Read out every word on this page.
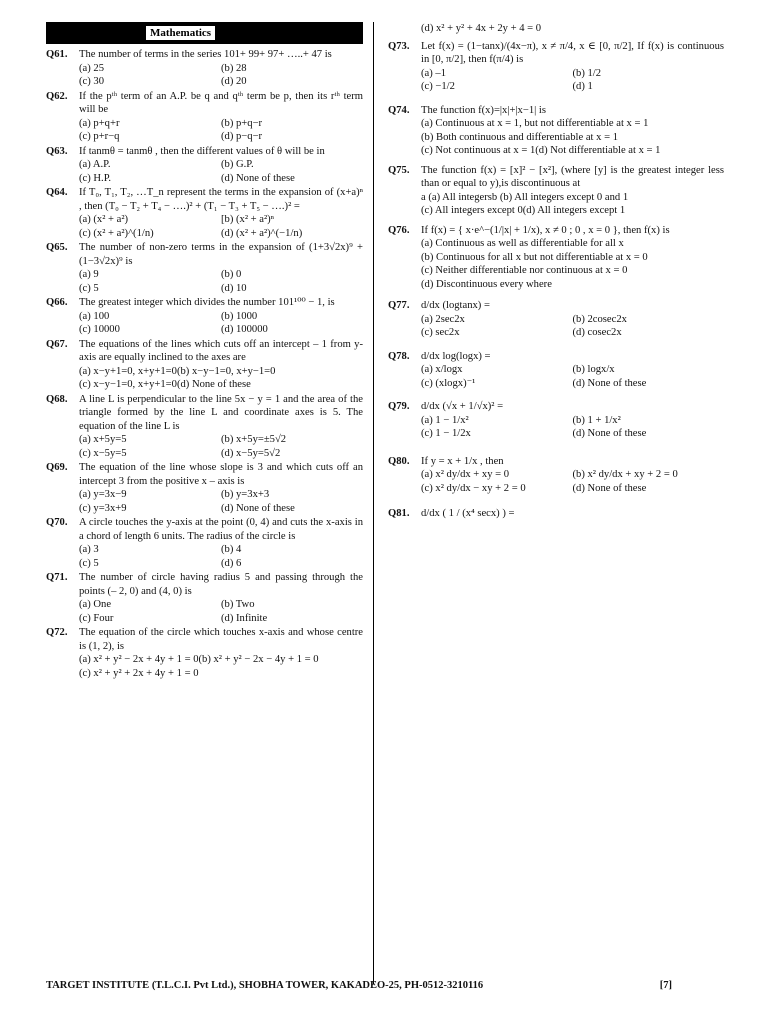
Mathematics
Q61. The number of terms in the series 101+ 99+ 97+ …..+ 47 is
(a) 25	(b) 28
(c) 30	(d) 20
Q62. If the pᵗʰ term of an A.P. be q and qᵗʰ term be p, then its rᵗʰ term will be
(a) p+q+r	(b) p+q−r
(c) p+r−q	(d) p−q−r
Q63. If tanmθ = tanmθ , then the different values of θ will be in
(a) A.P.	(b) G.P.
(c) H.P.	(d) None of these
Q64. If T₀, T₁, T₂, …T_n represent the terms in the expansion of (x+a)ⁿ , then (T₀ − T₂ + T₄ − ….)² + (T₁ − T₃ + T₅ − ….)² =
(a) (x² + a²)	[b) (x² + a²)ⁿ
(c) (x² + a²)^(1/n)	(d) (x² + a²)^(−1/n)
Q65. The number of non-zero terms in the expansion of (1+3√2x)⁹ + (1−3√2x)⁹ is
(a) 9	(b) 0
(c) 5	(d) 10
Q66. The greatest integer which divides the number 101¹⁰⁰ − 1, is
(a) 100	(b) 1000
(c) 10000	(d) 100000
Q67. The equations of the lines which cuts off an intercept – 1 from y- axis are equally inclined to the axes are
(a) x−y+1=0, x+y+1=0 (b) x−y−1=0, x+y−1=0
(c) x−y−1=0, x+y+1=0 (d) None of these
Q68. A line L is perpendicular to the line 5x − y = 1 and the area of the triangle formed by the line L and coordinate axes is 5. The equation of the line L is
(a) x+5y=5	(b) x+5y=±5√2
(c) x−5y=5	(d) x−5y=5√2
Q69. The equation of the line whose slope is 3 and which cuts off an intercept 3 from the positive x – axis is
(a) y=3x−9	(b) y=3x+3
(c) y=3x+9	(d) None of these
Q70. A circle touches the y-axis at the point (0, 4) and cuts the x-axis in a chord of length 6 units. The radius of the circle is
(a) 3	(b) 4
(c) 5	(d) 6
Q71. The number of circle having radius 5 and passing through the points (– 2, 0) and (4, 0) is
(a) One	(b) Two
(c) Four	(d) Infinite
Q72. The equation of the circle which touches x-axis and whose centre is (1, 2), is
(a) x² + y² − 2x + 4y + 1 = 0 (b) x² + y² − 2x − 4y + 1 = 0
(c) x² + y² + 2x + 4y + 1 = 0
(d) x² + y² + 4x + 2y + 4 = 0
Q73. Let f(x) = (1−tanx)/(4x−π), x ≠ π/4, x ∈ [0, π/2], If f(x) is continuous in [0, π/2], then f(π/4) is
(a) –1	(b) 1/2
(c) −1/2	(d) 1
Q74. The function f(x)=|x|+|x−1| is
(a) Continuous at x = 1, but not differentiable at x = 1
(b) Both continuous and differentiable at x = 1
(c) Not continuous at x = 1 (d) Not differentiable at x = 1
Q75. The function f(x) = [x]² − [x²], (where [y] is the greatest integer less than or equal to y),is discontinuous at
a (a) All integers b (b) All integers except 0 and 1
(c) All integers except 0 (d) All integers except 1
Q76. If f(x) = { x·e^−(1/|x| + 1/x), x ≠ 0 ; 0 , x = 0 }, then f(x) is
(a) Continuous as well as differentiable for all x
(b) Continuous for all x but not differentiable at x = 0
(c) Neither differentiable nor continuous at x = 0
(d) Discontinuous every where
Q77. d/dx (logtanx) =
(a) 2sec2x	(b) 2cosec2x
(c) sec2x	(d) cosec2x
Q78. d/dx log(logx) =
(a) x/logx	(b) logx/x
(c) (xlogx)⁻¹	(d) None of these
Q79. d/dx (√x + 1/√x)² =
(a) 1 − 1/x²	(b) 1 + 1/x²
(c) 1 − 1/2x	(d) None of these
Q80. If y = x + 1/x , then
(a) x² dy/dx + xy = 0	(b) x² dy/dx + xy + 2 = 0
(c) x² dy/dx − xy + 2 = 0	(d) None of these
Q81. d/dx ( 1 / (x⁴ secx) ) =
TARGET INSTITUTE (T.L.C.I. Pvt Ltd.), SHOBHA TOWER, KAKADEO-25, PH-0512-3210116	[7]
